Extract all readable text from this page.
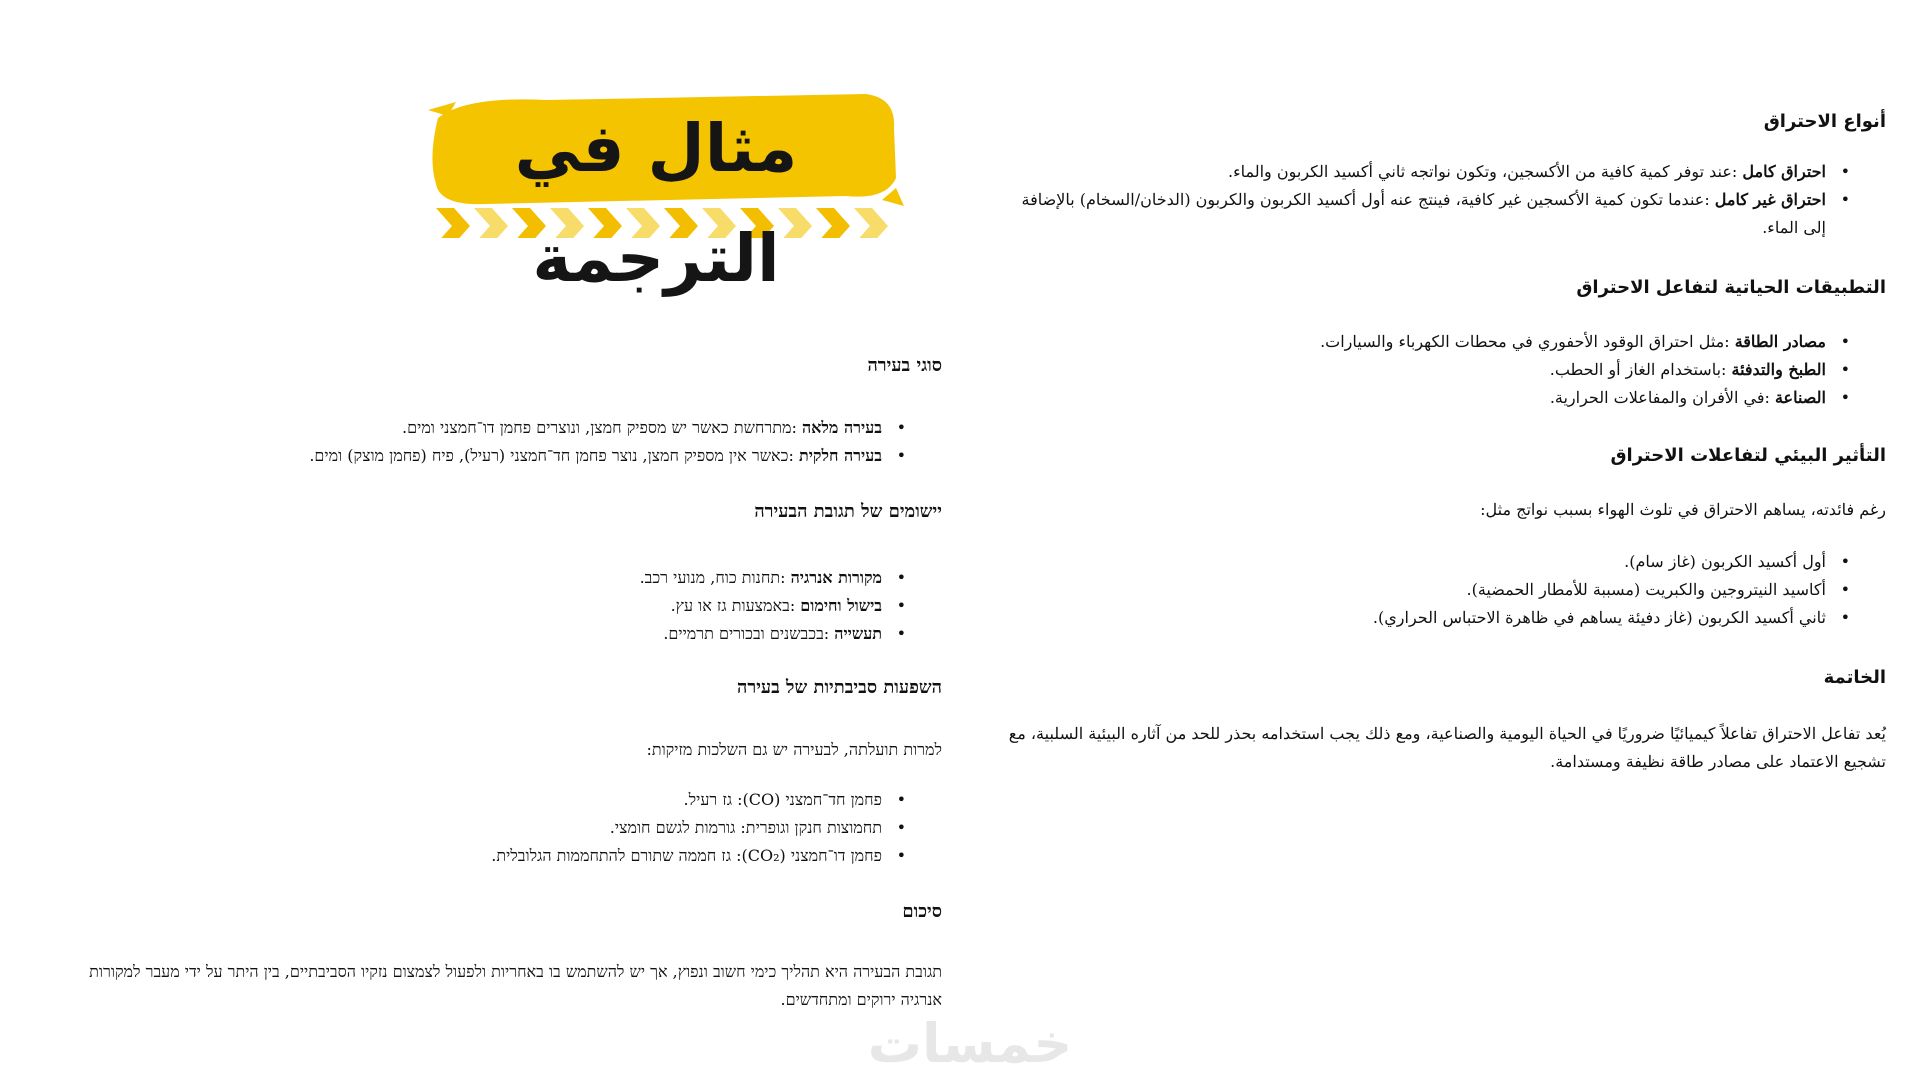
مثال في الترجمة
أنواع الاحتراق
• احتراق كامل :عند توفر كمية كافية من الأكسجين، وتكون نواتجه ثاني أكسيد الكربون والماء.
• احتراق غير كامل :عندما تكون كمية الأكسجين غير كافية، فينتج عنه أول أكسيد الكربون والكربون (الدخان/السخام) بالإضافة إلى الماء.
التطبيقات الحياتية لتفاعل الاحتراق
• مصادر الطاقة :مثل احتراق الوقود الأحفوري في محطات الكهرباء والسيارات.
• الطبخ والتدفئة :باستخدام الغاز أو الحطب.
• الصناعة :في الأفران والمفاعلات الحرارية.
التأثير البيئي لتفاعلات الاحتراق

رغم فائدته، يساهم الاحتراق في تلوث الهواء بسبب نواتج مثل:

• أول أكسيد الكربون (غاز سام).
• أكاسيد النيتروجين والكبريت (مسببة للأمطار الحمضية).
• ثاني أكسيد الكربون (غاز دفيئة يساهم في ظاهرة الاحتباس الحراري).
الخاتمة

يُعد تفاعل الاحتراق تفاعلاً كيميائيًا ضروريًا في الحياة اليومية والصناعية، ومع ذلك يجب استخدامه بحذر للحد من آثاره البيئية السلبية، مع تشجيع الاعتماد على مصادر طاقة نظيفة ومستدامة.

סוגי בעירה
• בעירה מלאה :מתרחשת כאשר יש מספיק חמצן, ונוצרים פחמן דו־חמצני ומים.
• בעירה חלקית :כאשר אין מספיק חמצן, נוצר פחמן חד־חמצני (רעיל), פיח (פחמן מוצק) ומים.
יישומים של תגובת הבעירה
• מקורות אנרגיה :תחנות כוח, מנועי רכב.
• בישול וחימום :באמצעות גז או עץ.
• תעשייה :בכבשנים ובכורים תרמיים.
השפעות סביבתיות של בעירה

למרות תועלתה, לבעירה יש גם השלכות מזיקות:

• פחמן חד־חמצני (CO): גז רעיל.
• תחמוצות חנקן וגופרית: גורמות לגשם חומצי.
• פחמן דו־חמצני (CO₂): גז חממה שתורם להתחממות הגלובלית.
סיכום

תגובת הבעירה היא תהליך כימי חשוב ונפוץ, אך יש להשתמש בו באחריות ולפעול לצמצום נזקיו הסביבתיים, בין היתר על ידי מעבר למקורות אנרגיה ירוקים ומתחדשים.

خمسات
